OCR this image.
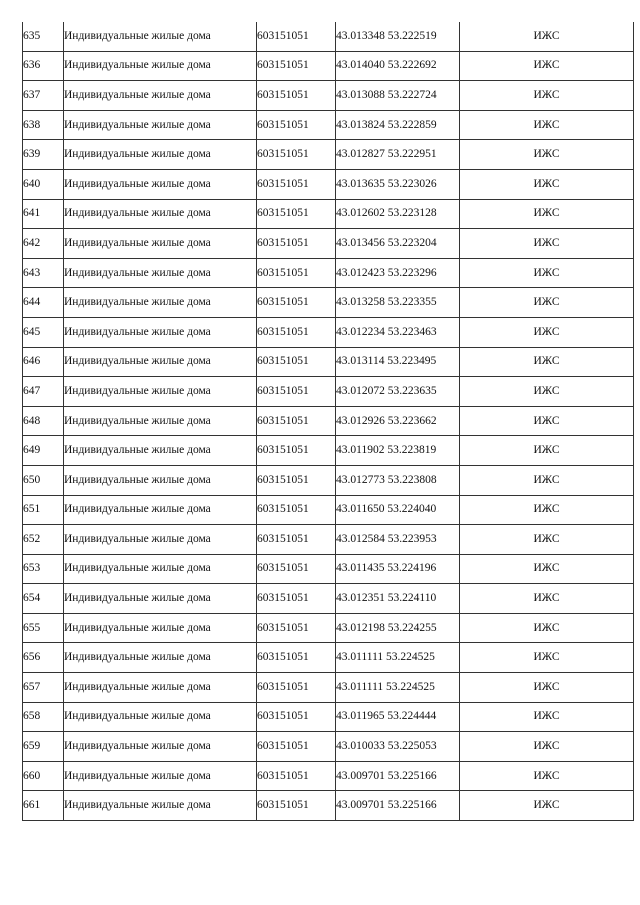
635	Индивидуальные жилые дома	603151051	43.013348 53.222519	ИЖС
636	Индивидуальные жилые дома	603151051	43.014040 53.222692	ИЖС
637	Индивидуальные жилые дома	603151051	43.013088 53.222724	ИЖС
638	Индивидуальные жилые дома	603151051	43.013824 53.222859	ИЖС
639	Индивидуальные жилые дома	603151051	43.012827 53.222951	ИЖС
640	Индивидуальные жилые дома	603151051	43.013635 53.223026	ИЖС
641	Индивидуальные жилые дома	603151051	43.012602 53.223128	ИЖС
642	Индивидуальные жилые дома	603151051	43.013456 53.223204	ИЖС
643	Индивидуальные жилые дома	603151051	43.012423 53.223296	ИЖС
644	Индивидуальные жилые дома	603151051	43.013258 53.223355	ИЖС
645	Индивидуальные жилые дома	603151051	43.012234 53.223463	ИЖС
646	Индивидуальные жилые дома	603151051	43.013114 53.223495	ИЖС
647	Индивидуальные жилые дома	603151051	43.012072 53.223635	ИЖС
648	Индивидуальные жилые дома	603151051	43.012926 53.223662	ИЖС
649	Индивидуальные жилые дома	603151051	43.011902 53.223819	ИЖС
650	Индивидуальные жилые дома	603151051	43.012773 53.223808	ИЖС
651	Индивидуальные жилые дома	603151051	43.011650 53.224040	ИЖС
652	Индивидуальные жилые дома	603151051	43.012584 53.223953	ИЖС
653	Индивидуальные жилые дома	603151051	43.011435 53.224196	ИЖС
654	Индивидуальные жилые дома	603151051	43.012351 53.224110	ИЖС
655	Индивидуальные жилые дома	603151051	43.012198 53.224255	ИЖС
656	Индивидуальные жилые дома	603151051	43.011111 53.224525	ИЖС
657	Индивидуальные жилые дома	603151051	43.011111 53.224525	ИЖС
658	Индивидуальные жилые дома	603151051	43.011965 53.224444	ИЖС
659	Индивидуальные жилые дома	603151051	43.010033 53.225053	ИЖС
660	Индивидуальные жилые дома	603151051	43.009701 53.225166	ИЖС
661	Индивидуальные жилые дома	603151051	43.009701 53.225166	ИЖС
